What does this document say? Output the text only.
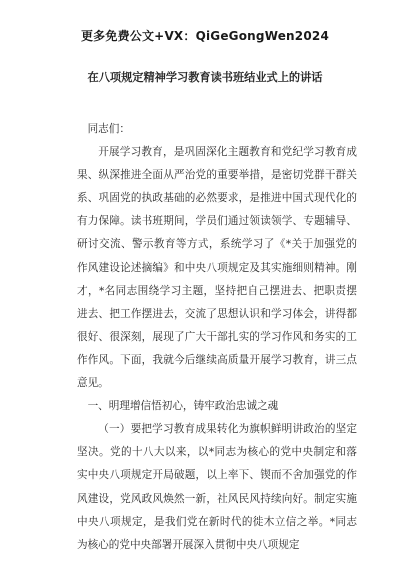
更多免费公文+VX：QiGeGongWen2024
在八项规定精神学习教育读书班结业式上的讲话

同志们：

开展学习教育，是巩固深化主题教育和党纪学习教育成果、纵深推进全面从严治党的重要举措，是密切党群干群关系、巩固党的执政基础的必然要求，是推进中国式现代化的有力保障。读书班期间，学员们通过领读领学、专题辅导、研讨交流、警示教育等方式，系统学习了《*关于加强党的作风建设论述摘编》和中央八项规定及其实施细则精神。刚才，*名同志围绕学习主题，坚持把自己摆进去、把职责摆进去、把工作摆进去，交流了思想认识和学习体会，讲得都很好、很深刻，展现了广大干部扎实的学习作风和务实的工作作风。下面，我就今后继续高质量开展学习教育，讲三点意见。

一、明理增信悟初心，铸牢政治忠诚之魂

（一）要把学习教育成果转化为旗帜鲜明讲政治的坚定坚决。党的十八大以来，以*同志为核心的党中央制定和落实中央八项规定开局破题，以上率下、锲而不舍加强党的作风建设，党风政风焕然一新，社风民风持续向好。制定实施中央八项规定，是我们党在新时代的徙木立信之举。*同志为核心的党中央部署开展深入贯彻中央八项规定
